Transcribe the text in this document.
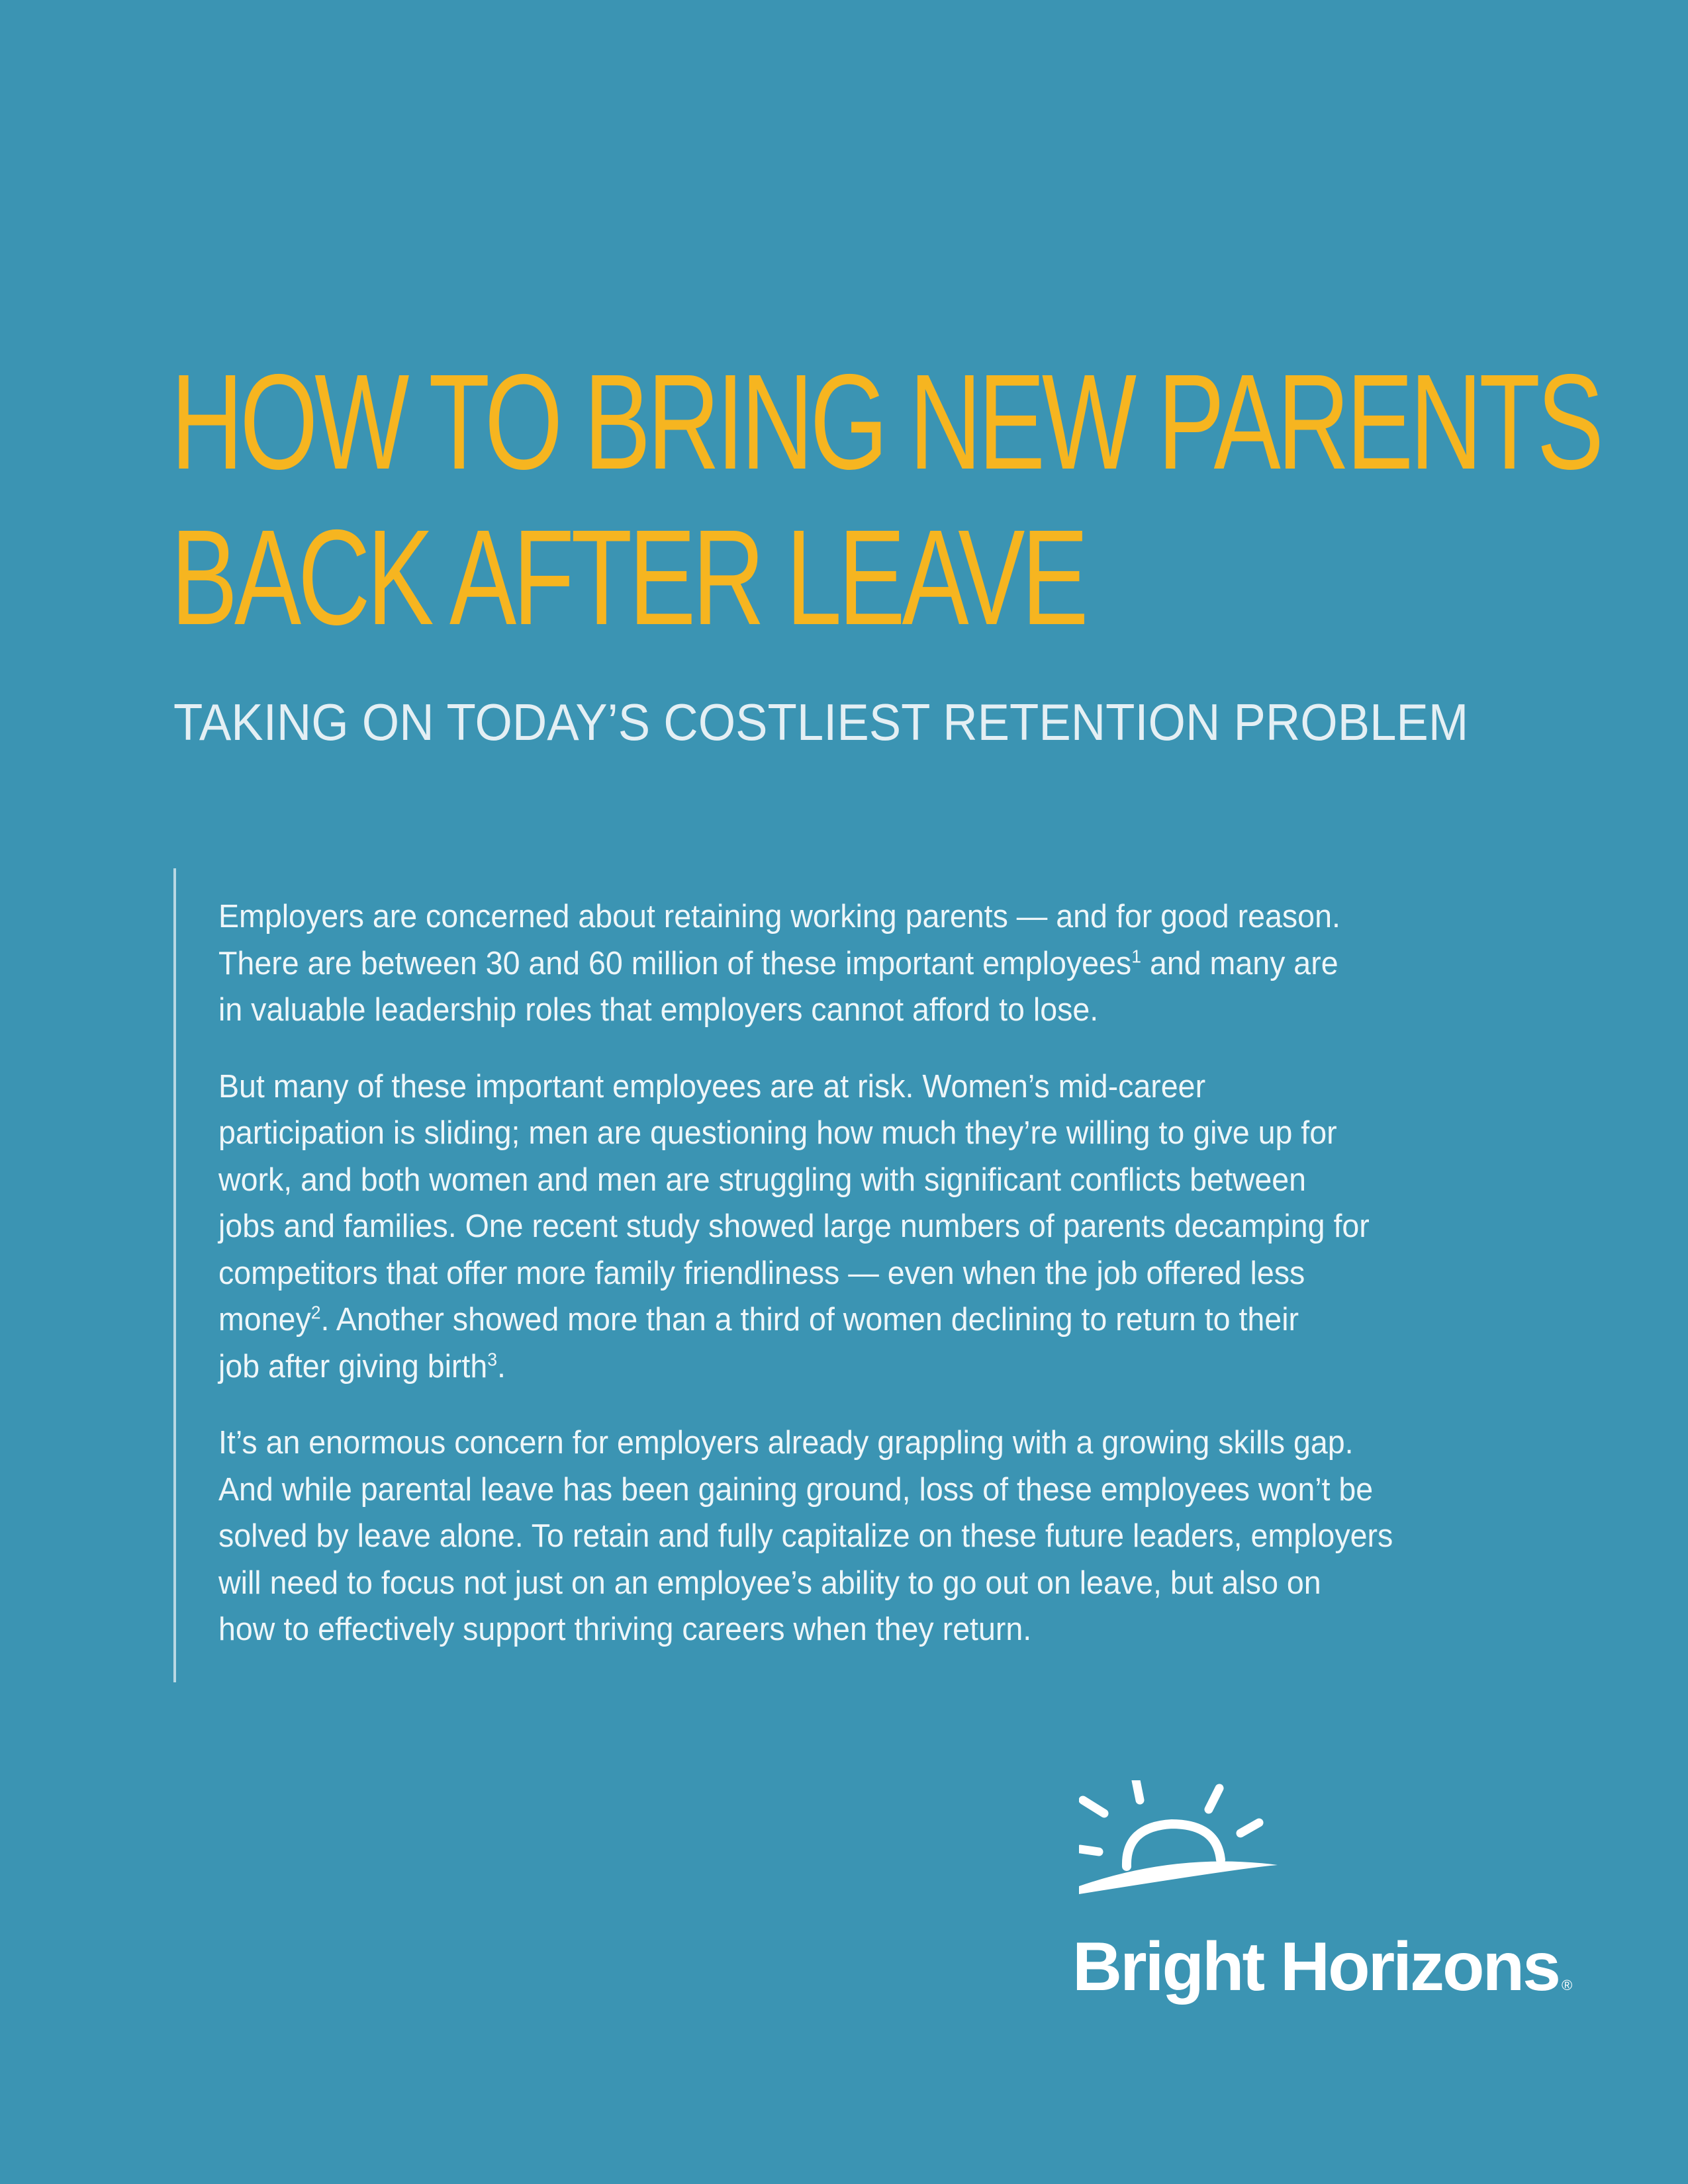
HOW TO BRING NEW PARENTS
BACK AFTER LEAVE
TAKING ON TODAY’S COSTLIEST RETENTION PROBLEM

Employers are concerned about retaining working parents — and for good reason.
There are between 30 and 60 million of these important employees$^1$ and many are
in valuable leadership roles that employers cannot afford to lose.

But many of these important employees are at risk. Women’s mid-career
participation is sliding; men are questioning how much they’re willing to give up for
work, and both women and men are struggling with significant conflicts between
jobs and families. One recent study showed large numbers of parents decamping for
competitors that offer more family friendliness — even when the job offered less
money$^2$. Another showed more than a third of women declining to return to their
job after giving birth$^3$.

It’s an enormous concern for employers already grappling with a growing skills gap.
And while parental leave has been gaining ground, loss of these employees won’t be
solved by leave alone. To retain and fully capitalize on these future leaders, employers
will need to focus not just on an employee’s ability to go out on leave, but also on
how to effectively support thriving careers when they return.

Bright Horizons ®
